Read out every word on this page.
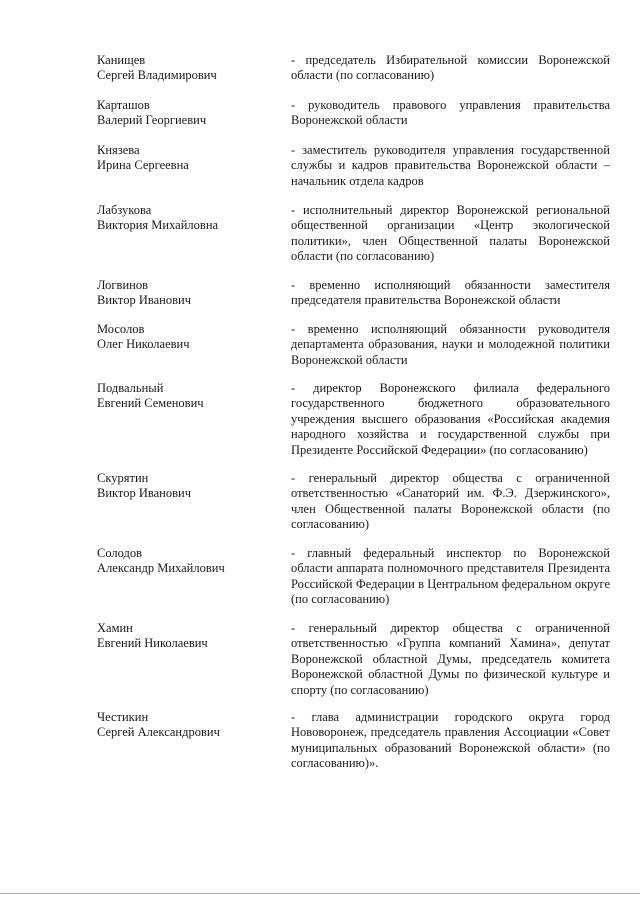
Канищев
Сергей Владимирович
- председатель Избирательной комиссии Воронежской области (по согласованию)
Карташов
Валерий Георгиевич
- руководитель правового управления правительства Воронежской области
Князева
Ирина Сергеевна
- заместитель руководителя управления государственной службы и кадров правительства Воронежской области – начальник отдела кадров
Лабзукова
Виктория Михайловна
- исполнительный директор Воронежской региональной общественной организации «Центр экологической политики», член Общественной палаты Воронежской области (по согласованию)
Логвинов
Виктор Иванович
- временно исполняющий обязанности заместителя председателя правительства Воронежской области
Мосолов
Олег Николаевич
- временно исполняющий обязанности руководителя департамента образования, науки и молодежной политики Воронежской области
Подвальный
Евгений Семенович
- директор Воронежского филиала федерального государственного бюджетного образовательного учреждения высшего образования «Российская академия народного хозяйства и государственной службы при Президенте Российской Федерации» (по согласованию)
Скурятин
Виктор Иванович
- генеральный директор общества с ограниченной ответственностью «Санаторий им. Ф.Э. Дзержинского», член Общественной палаты Воронежской области (по согласованию)
Солодов
Александр Михайлович
- главный федеральный инспектор по Воронежской области аппарата полномочного представителя Президента Российской Федерации в Центральном федеральном округе (по согласованию)
Хамин
Евгений Николаевич
- генеральный директор общества с ограниченной ответственностью «Группа компаний Хамина», депутат Воронежской областной Думы, председатель комитета Воронежской областной Думы по физической культуре и спорту (по согласованию)
Честикин
Сергей Александрович
- глава администрации городского округа город Нововоронеж, председатель правления Ассоциации «Совет муниципальных образований Воронежской области» (по согласованию)».
